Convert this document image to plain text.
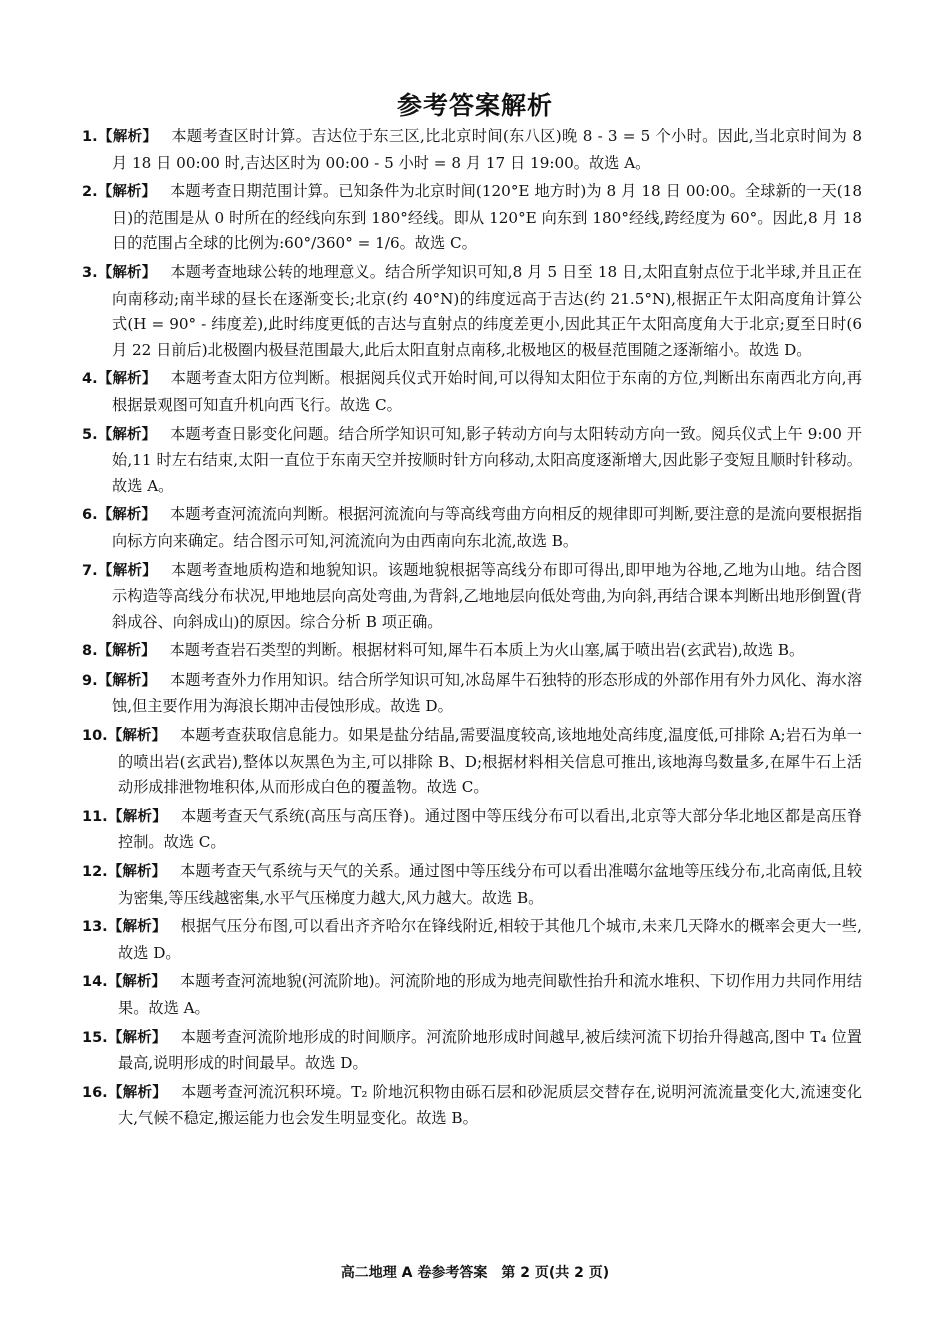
参考答案解析
1.【解析】 本题考查区时计算。吉达位于东三区,比北京时间(东八区)晚 8 - 3 = 5 个小时。因此,当北京时间为 8 月 18 日 00:00 时,吉达区时为 00:00 - 5 小时 = 8 月 17 日 19:00。故选 A。
2.【解析】 本题考查日期范围计算。已知条件为北京时间(120°E 地方时)为 8 月 18 日 00:00。全球新的一天(18 日)的范围是从 0 时所在的经线向东到 180°经线。即从 120°E 向东到 180°经线,跨经度为 60°。因此,8 月 18 日的范围占全球的比例为:60°/360° = 1/6。故选 C。
3.【解析】 本题考查地球公转的地理意义。结合所学知识可知,8 月 5 日至 18 日,太阳直射点位于北半球,并且正在向南移动;南半球的昼长在逐渐变长;北京(约 40°N)的纬度远高于吉达(约 21.5°N),根据正午太阳高度角计算公式(H = 90° - 纬度差),此时纬度更低的吉达与直射点的纬度差更小,因此其正午太阳高度角大于北京;夏至日时(6 月 22 日前后)北极圈内极昼范围最大,此后太阳直射点南移,北极地区的极昼范围随之逐渐缩小。故选 D。
4.【解析】 本题考查太阳方位判断。根据阅兵仪式开始时间,可以得知太阳位于东南的方位,判断出东南西北方向,再根据景观图可知直升机向西飞行。故选 C。
5.【解析】 本题考查日影变化问题。结合所学知识可知,影子转动方向与太阳转动方向一致。阅兵仪式上午 9:00 开始,11 时左右结束,太阳一直位于东南天空并按顺时针方向移动,太阳高度逐渐增大,因此影子变短且顺时针移动。故选 A。
6.【解析】 本题考查河流流向判断。根据河流流向与等高线弯曲方向相反的规律即可判断,要注意的是流向要根据指向标方向来确定。结合图示可知,河流流向为由西南向东北流,故选 B。
7.【解析】 本题考查地质构造和地貌知识。该题地貌根据等高线分布即可得出,即甲地为谷地,乙地为山地。结合图示构造等高线分布状况,甲地地层向高处弯曲,为背斜,乙地地层向低处弯曲,为向斜,再结合课本判断出地形倒置(背斜成谷、向斜成山)的原因。综合分析 B 项正确。
8.【解析】 本题考查岩石类型的判断。根据材料可知,犀牛石本质上为火山塞,属于喷出岩(玄武岩),故选 B。
9.【解析】 本题考查外力作用知识。结合所学知识可知,冰岛犀牛石独特的形态形成的外部作用有外力风化、海水溶蚀,但主要作用为海浪长期冲击侵蚀形成。故选 D。
10.【解析】 本题考查获取信息能力。如果是盐分结晶,需要温度较高,该地地处高纬度,温度低,可排除 A;岩石为单一的喷出岩(玄武岩),整体以灰黑色为主,可以排除 B、D;根据材料相关信息可推出,该地海鸟数量多,在犀牛石上活动形成排泄物堆积体,从而形成白色的覆盖物。故选 C。
11.【解析】 本题考查天气系统(高压与高压脊)。通过图中等压线分布可以看出,北京等大部分华北地区都是高压脊控制。故选 C。
12.【解析】 本题考查天气系统与天气的关系。通过图中等压线分布可以看出准噶尔盆地等压线分布,北高南低,且较为密集,等压线越密集,水平气压梯度力越大,风力越大。故选 B。
13.【解析】 根据气压分布图,可以看出齐齐哈尔在锋线附近,相较于其他几个城市,未来几天降水的概率会更大一些,故选 D。
14.【解析】 本题考查河流地貌(河流阶地)。河流阶地的形成为地壳间歇性抬升和流水堆积、下切作用力共同作用结果。故选 A。
15.【解析】 本题考查河流阶地形成的时间顺序。河流阶地形成时间越早,被后续河流下切抬升得越高,图中 T₄ 位置最高,说明形成的时间最早。故选 D。
16.【解析】 本题考查河流沉积环境。T₂ 阶地沉积物由砾石层和砂泥质层交替存在,说明河流流量变化大,流速变化大,气候不稳定,搬运能力也会发生明显变化。故选 B。
高二地理 A 卷参考答案　第 2 页(共 2 页)
